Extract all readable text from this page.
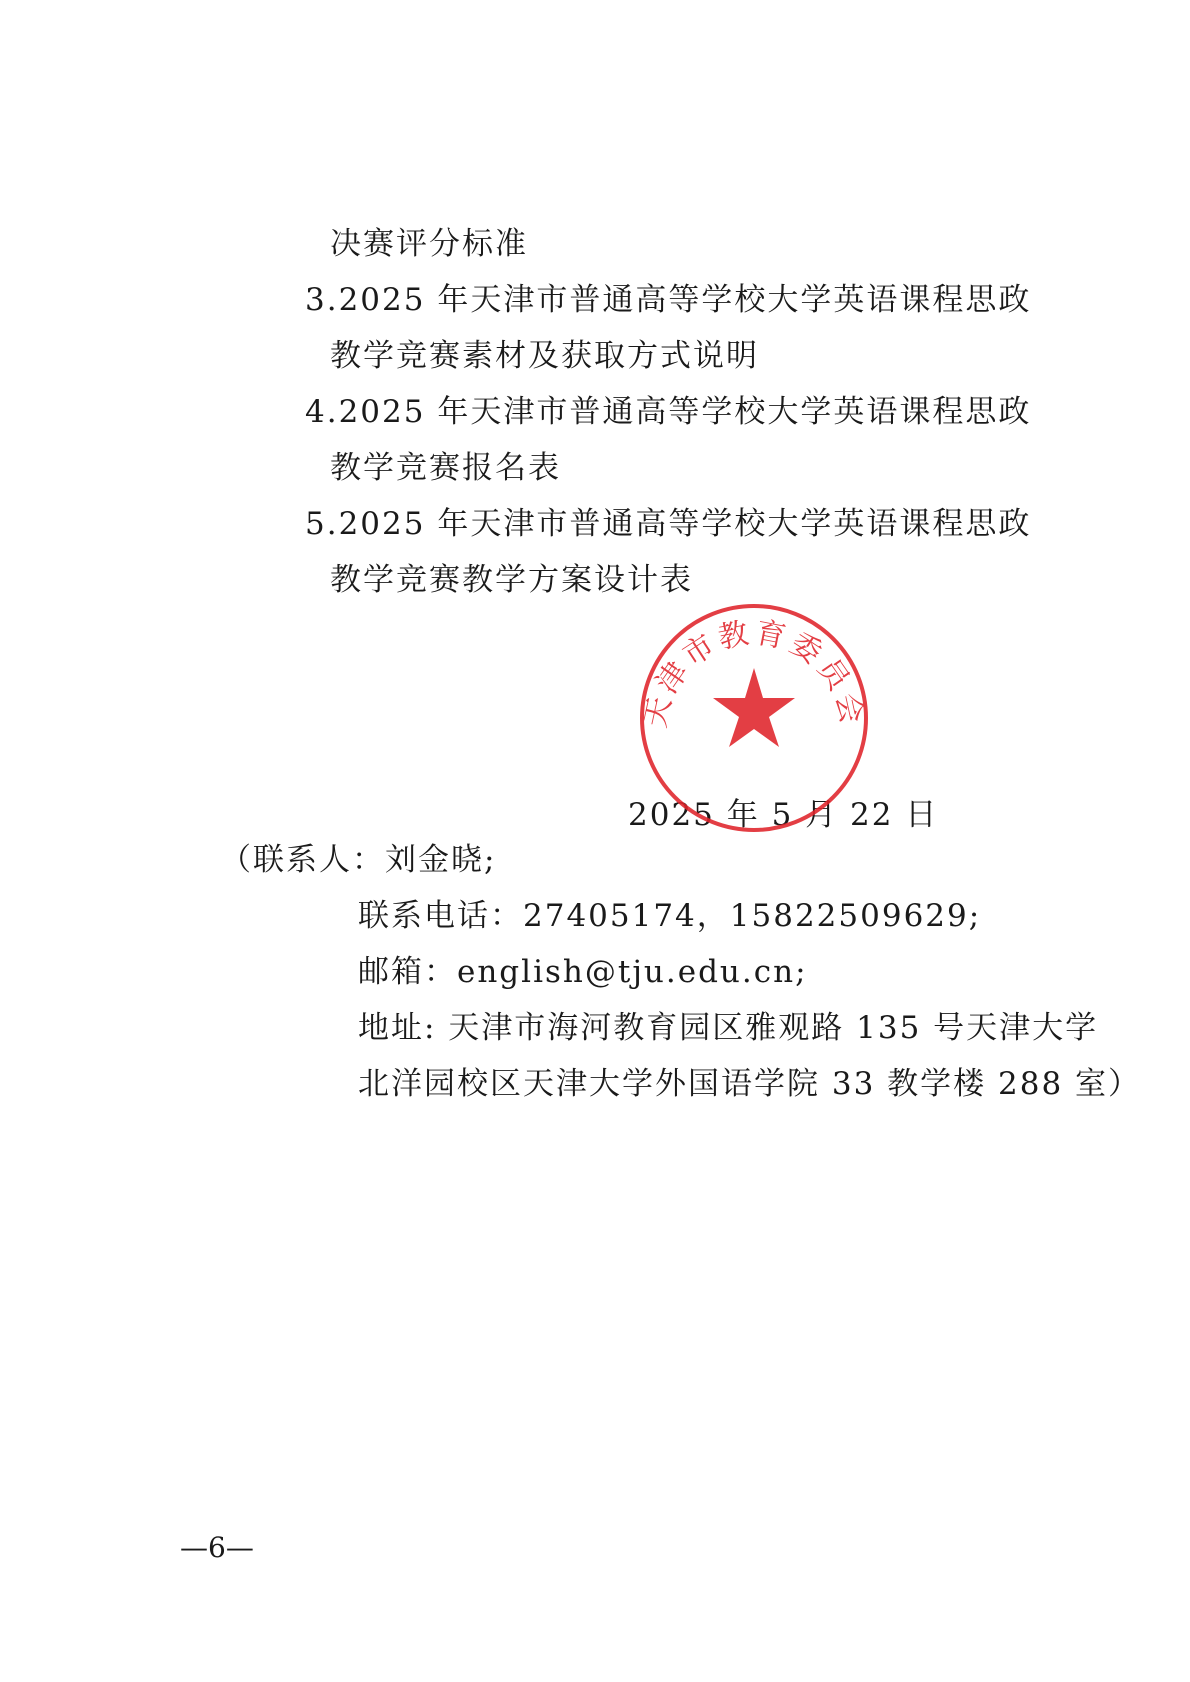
决赛评分标准
3.2025 年天津市普通高等学校大学英语课程思政
教学竞赛素材及获取方式说明
4.2025 年天津市普通高等学校大学英语课程思政
教学竞赛报名表
5.2025 年天津市普通高等学校大学英语课程思政
教学竞赛教学方案设计表
2025 年 5 月 22 日
天津市教育委员会
（联系人：刘金晓;
联系电话：27405174，15822509629;
邮箱：english@tju.edu.cn;
地址: 天津市海河教育园区雅观路 135 号天津大学
北洋园校区天津大学外国语学院 33 教学楼 288 室）
—6—
